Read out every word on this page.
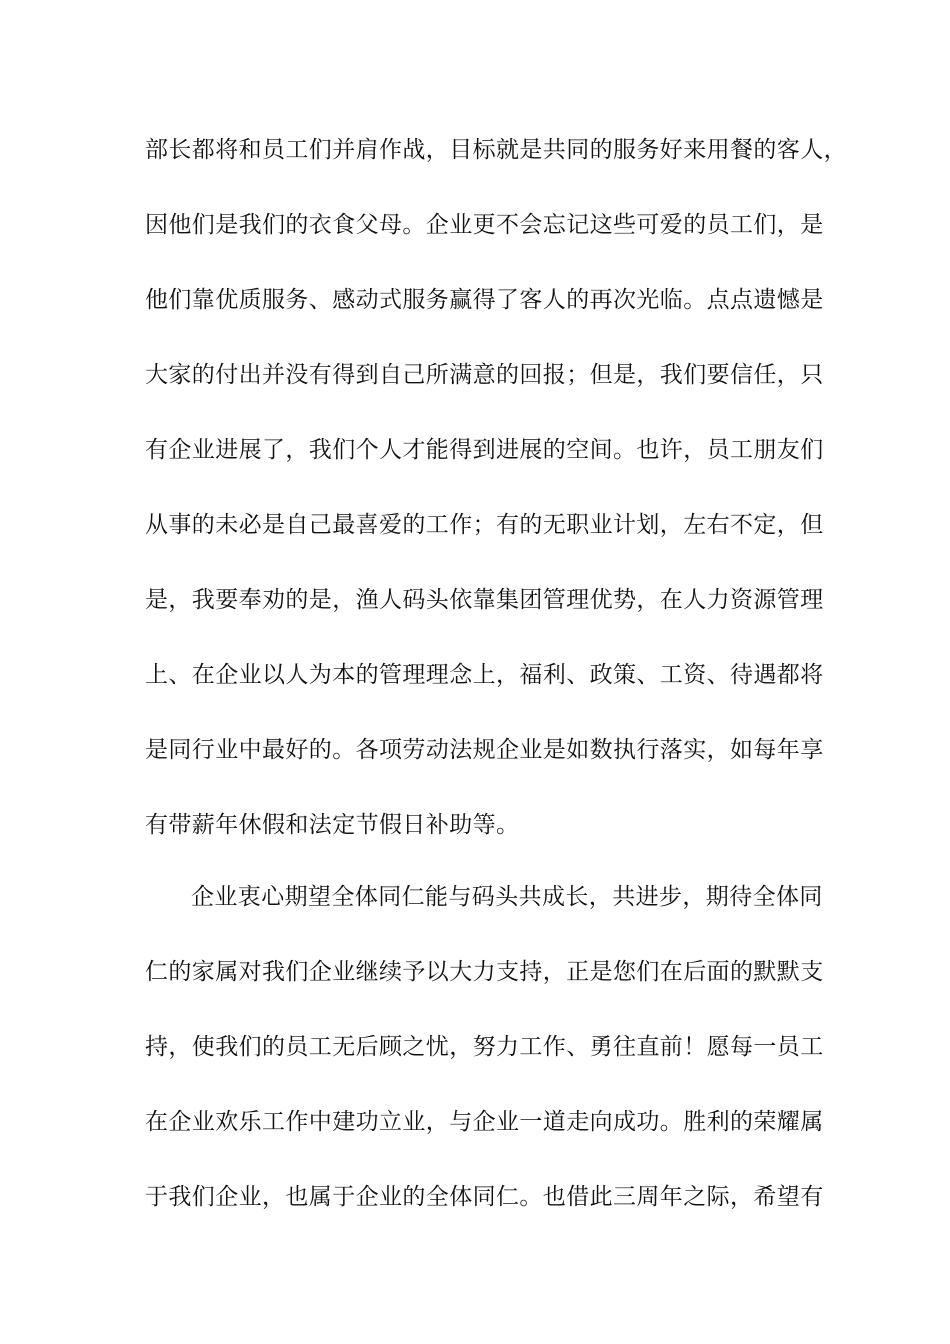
部长都将和员工们并肩作战，目标就是共同的服务好来用餐的客人，
因他们是我们的衣食父母。企业更不会忘记这些可爱的员工们，是
他们靠优质服务、感动式服务赢得了客人的再次光临。点点遗憾是
大家的付出并没有得到自己所满意的回报；但是，我们要信任，只
有企业进展了，我们个人才能得到进展的空间。也许，员工朋友们
从事的未必是自己最喜爱的工作；有的无职业计划，左右不定，但
是，我要奉劝的是，渔人码头依靠集团管理优势，在人力资源管理
上、在企业以人为本的管理理念上，福利、政策、工资、待遇都将
是同行业中最好的。各项劳动法规企业是如数执行落实，如每年享
有带薪年休假和法定节假日补助等。
企业衷心期望全体同仁能与码头共成长，共进步，期待全体同
仁的家属对我们企业继续予以大力支持，正是您们在后面的默默支
持，使我们的员工无后顾之忧，努力工作、勇往直前！愿每一员工
在企业欢乐工作中建功立业，与企业一道走向成功。胜利的荣耀属
于我们企业，也属于企业的全体同仁。也借此三周年之际，希望有
